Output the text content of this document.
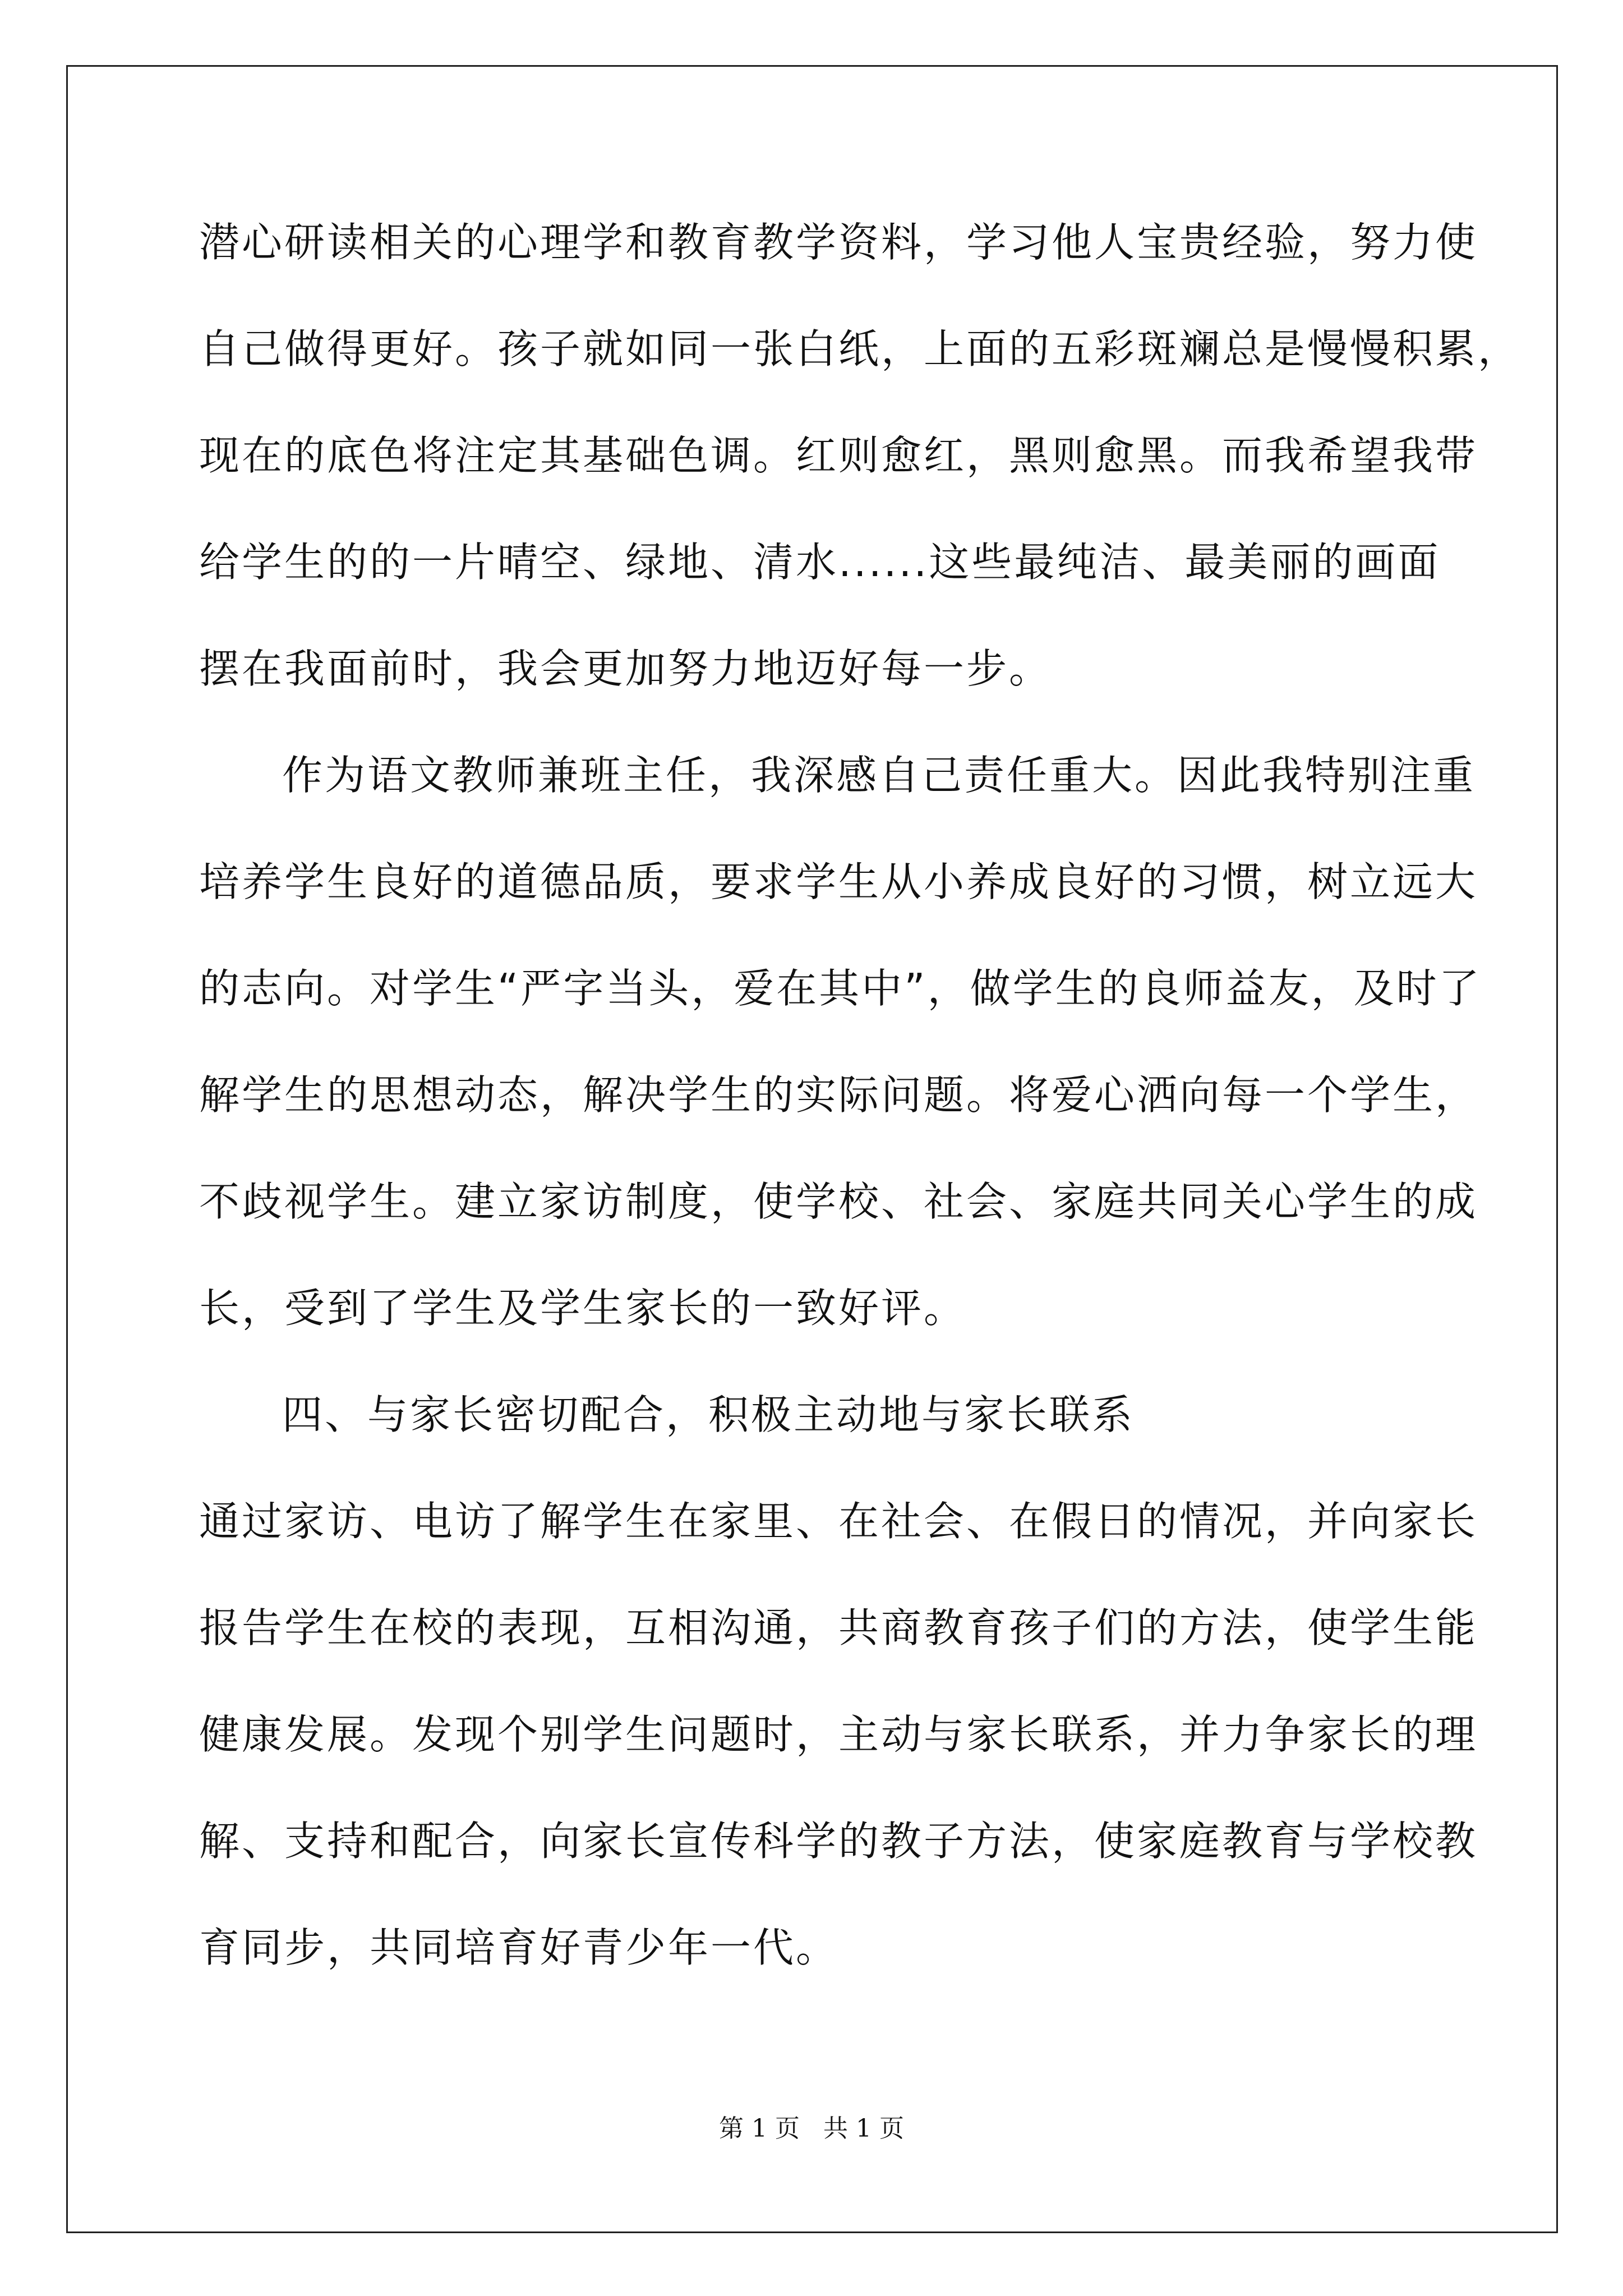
潜心研读相关的心理学和教育教学资料，学习他人宝贵经验，努力使
自己做得更好。孩子就如同一张白纸，上面的五彩斑斓总是慢慢积累，
现在的底色将注定其基础色调。红则愈红，黑则愈黑。而我希望我带
给学生的的一片晴空、绿地、清水......这些最纯洁、最美丽的画面
摆在我面前时，我会更加努力地迈好每一步。
作为语文教师兼班主任，我深感自己责任重大。因此我特别注重
培养学生良好的道德品质，要求学生从小养成良好的习惯，树立远大
的志向。对学生“严字当头，爱在其中”，做学生的良师益友，及时了
解学生的思想动态，解决学生的实际问题。将爱心洒向每一个学生，
不歧视学生。建立家访制度，使学校、社会、家庭共同关心学生的成
长，受到了学生及学生家长的一致好评。
四、与家长密切配合，积极主动地与家长联系
通过家访、电访了解学生在家里、在社会、在假日的情况，并向家长
报告学生在校的表现，互相沟通，共商教育孩子们的方法，使学生能
健康发展。发现个别学生问题时，主动与家长联系，并力争家长的理
解、支持和配合，向家长宣传科学的教子方法，使家庭教育与学校教
育同步，共同培育好青少年一代。
第 1 页 共 1 页
